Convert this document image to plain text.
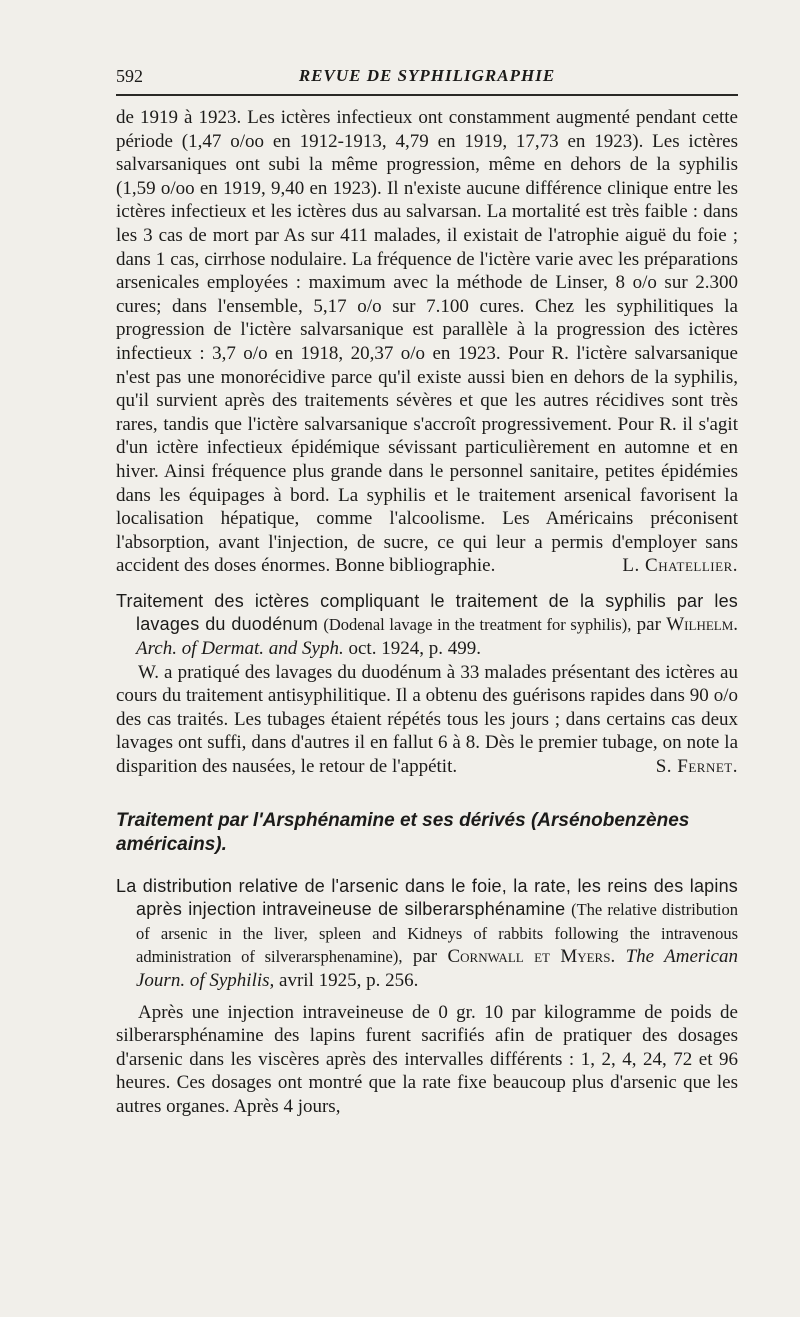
592	REVUE DE SYPHILIGRAPHIE

de 1919 à 1923. Les ictères infectieux ont constamment augmenté pendant cette période (1,47 o/oo en 1912-1913, 4,79 en 1919, 17,73 en 1923). Les ictères salvarsaniques ont subi la même progression, même en dehors de la syphilis (1,59 o/oo en 1919, 9,40 en 1923). Il n'existe aucune différence clinique entre les ictères infectieux et les ictères dus au salvarsan. La mortalité est très faible : dans les 3 cas de mort par As sur 411 malades, il existait de l'atrophie aiguë du foie ; dans 1 cas, cirrhose nodulaire. La fréquence de l'ictère varie avec les préparations arsenicales employées : maximum avec la méthode de Linser, 8 o/o sur 2.300 cures; dans l'ensemble, 5,17 o/o sur 7.100 cures. Chez les syphilitiques la progression de l'ictère salvarsanique est parallèle à la progression des ictères infectieux : 3,7 o/o en 1918, 20,37 o/o en 1923. Pour R. l'ictère salvarsanique n'est pas une monorécidive parce qu'il existe aussi bien en dehors de la syphilis, qu'il survient après des traitements sévères et que les autres récidives sont très rares, tandis que l'ictère salvarsanique s'accroît progressivement. Pour R. il s'agit d'un ictère infectieux épidémique sévissant particulièrement en automne et en hiver. Ainsi fréquence plus grande dans le personnel sanitaire, petites épidémies dans les équipages à bord. La syphilis et le traitement arsenical favorisent la localisation hépatique, comme l'alcoolisme. Les Américains préconisent l'absorption, avant l'injection, de sucre, ce qui leur a permis d'employer sans accident des doses énormes. Bonne bibliographie.	L. Chatellier.

Traitement des ictères compliquant le traitement de la syphilis par les lavages du duodénum (Dodenal lavage in the treatment for syphilis), par Wilhelm. Arch. of Dermat. and Syph. oct. 1924, p. 499.

W. a pratiqué des lavages du duodénum à 33 malades présentant des ictères au cours du traitement antisyphilitique. Il a obtenu des guérisons rapides dans 90 o/o des cas traités. Les tubages étaient répétés tous les jours ; dans certains cas deux lavages ont suffi, dans d'autres il en fallut 6 à 8. Dès le premier tubage, on note la disparition des nausées, le retour de l'appétit.	S. Fernet.

Traitement par l'Arsphénamine et ses dérivés (Arsénobenzènes américains).
La distribution relative de l'arsenic dans le foie, la rate, les reins des lapins après injection intraveineuse de silberarsphénamine (The relative distribution of arsenic in the liver, spleen and Kidneys of rabbits following the intravenous administration of silverarsphenamine), par Cornwall et Myers. The American Journ. of Syphilis, avril 1925, p. 256.

Après une injection intraveineuse de 0 gr. 10 par kilogramme de poids de silberarsphénamine des lapins furent sacrifiés afin de pratiquer des dosages d'arsenic dans les viscères après des intervalles différents : 1, 2, 4, 24, 72 et 96 heures. Ces dosages ont montré que la rate fixe beaucoup plus d'arsenic que les autres organes. Après 4 jours,
